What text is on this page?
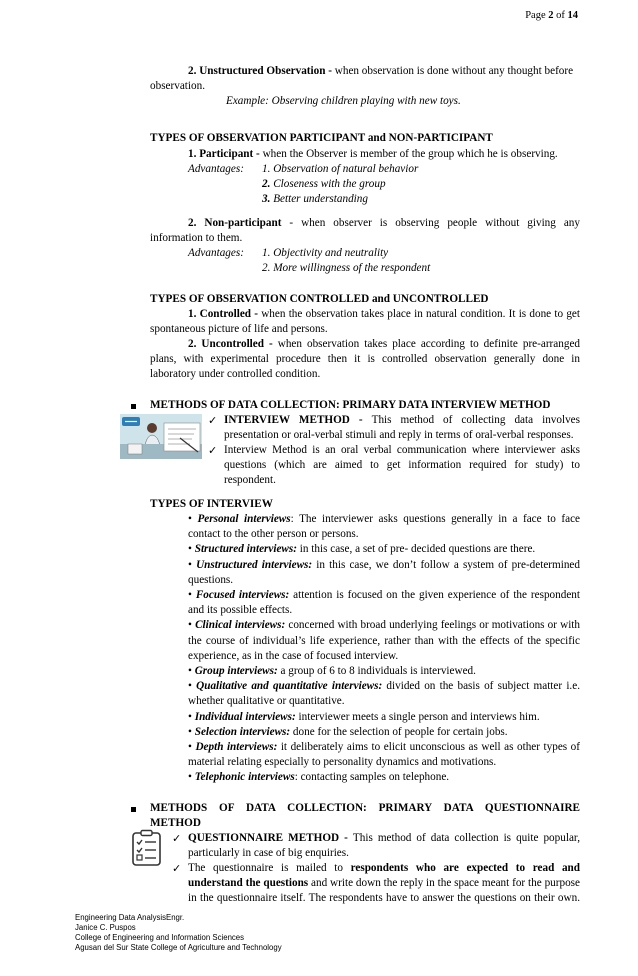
Page 2 of 14
2. Unstructured Observation - when observation is done without any thought before
observation.
Example: Observing children playing with new toys.
TYPES OF OBSERVATION PARTICIPANT and NON-PARTICIPANT
1. Participant - when the Observer is member of the group which he is observing.
Advantages: 1. Observation of natural behavior
2. Closeness with the group
3. Better understanding
2. Non-participant - when observer is observing people without giving any
information to them.
Advantages: 1. Objectivity and neutrality
2. More willingness of the respondent
TYPES OF OBSERVATION CONTROLLED and UNCONTROLLED
1. Controlled - when the observation takes place in natural condition. It is done to get
spontaneous picture of life and persons.
2. Uncontrolled - when observation takes place according to definite pre-arranged
plans, with experimental procedure then it is controlled observation generally done in
laboratory under controlled condition.
METHODS OF DATA COLLECTION: PRIMARY DATA INTERVIEW METHOD
✓ INTERVIEW METHOD - This method of collecting data involves
presentation or oral-verbal stimuli and reply in terms of oral-verbal responses.
✓ Interview Method is an oral verbal communication where interviewer asks
questions (which are aimed to get information required for study) to
respondent.
TYPES OF INTERVIEW
• Personal interviews: The interviewer asks questions generally in a face to face
contact to the other person or persons.
• Structured interviews: in this case, a set of pre- decided questions are there.
• Unstructured interviews: in this case, we don’t follow a system of pre-determined
questions.
• Focused interviews: attention is focused on the given experience of the respondent
and its possible effects.
• Clinical interviews: concerned with broad underlying feelings or motivations or with
the course of individual’s life experience, rather than with the effects of the specific
experience, as in the case of focused interview.
• Group interviews: a group of 6 to 8 individuals is interviewed.
• Qualitative and quantitative interviews: divided on the basis of subject matter i.e.
whether qualitative or quantitative.
• Individual interviews: interviewer meets a single person and interviews him.
• Selection interviews: done for the selection of people for certain jobs.
• Depth interviews: it deliberately aims to elicit unconscious as well as other types of
material relating especially to personality dynamics and motivations.
• Telephonic interviews: contacting samples on telephone.
METHODS OF DATA COLLECTION: PRIMARY DATA QUESTIONNAIRE
METHOD
✓ QUESTIONNAIRE METHOD - This method of data collection is quite popular,
particularly in case of big enquiries.
✓ The questionnaire is mailed to respondents who are expected to read and
understand the questions and write down the reply in the space meant for the purpose
in the questionnaire itself. The respondents have to answer the questions on their own.
Engineering Data AnalysisEngr.
Janice C. Puspos
College of Engineering and Information Sciences
Agusan del Sur State College of Agriculture and Technology
